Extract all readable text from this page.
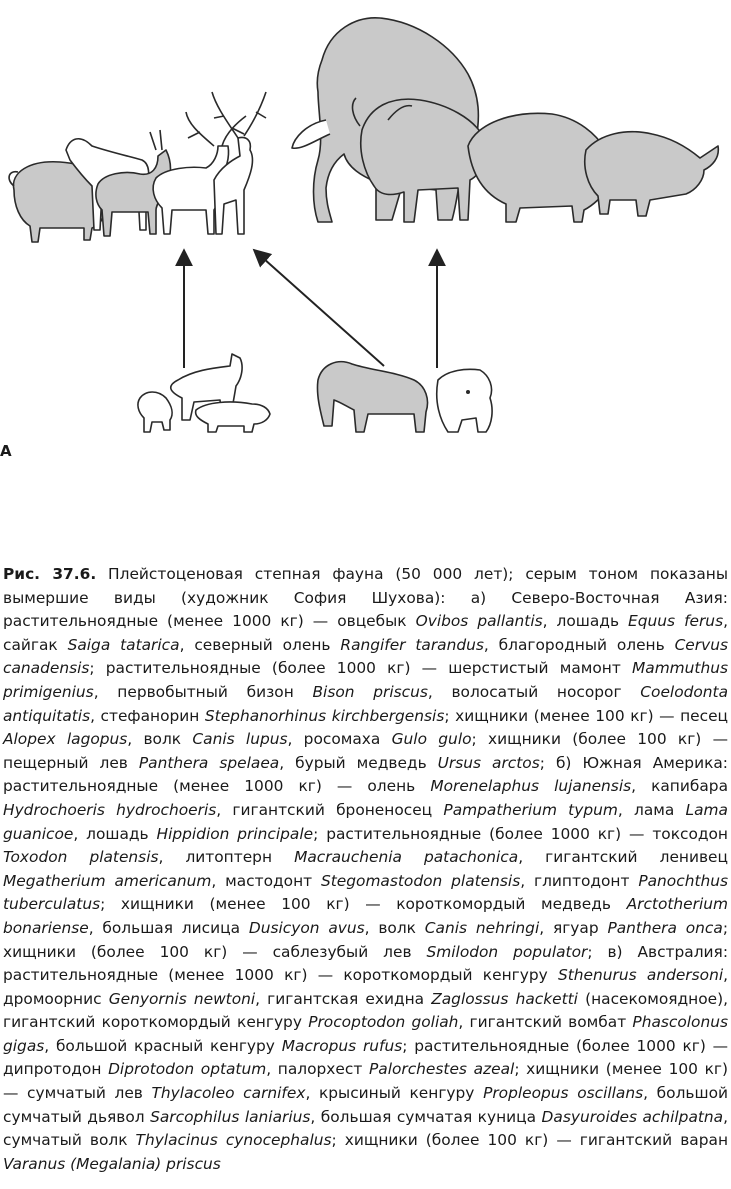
A
Рис. 37.6. Плейстоценовая степная фауна (50 000 лет); серым тоном показаны вымершие виды (художник София Шухова): а) Северо-Восточная Азия: растительноядные (менее 1000 кг) — овцебык Ovibos pallantis, лошадь Equus ferus, сайгак Saiga tatarica, северный олень Rangifer tarandus, благородный олень Cervus canadensis; растительноядные (более 1000 кг) — шерстистый мамонт Mammuthus primigenius, первобытный бизон Bison priscus, волосатый носорог Coelodonta antiquitatis, стефанорин Stephanorhinus kirchbergensis; хищники (менее 100 кг) — песец Alopex lagopus, волк Canis lupus, росомаха Gulo gulo; хищники (более 100 кг) — пещерный лев Panthera spelaea, бурый медведь Ursus arctos; б) Южная Америка: растительноядные (менее 1000 кг) — олень Morenelaphus lujanensis, капибара Hydrochoeris hydrochoeris, гигантский броненосец Pampatherium typum, лама Lama guanicoe, лошадь Hippidion principale; растительноядные (более 1000 кг) — токсодон Toxodon platensis, литоптерн Macrauchenia patachonica, гигантский ленивец Megatherium americanum, мастодонт Stegomastodon platensis, глиптодонт Panochthus tuberculatus; хищники (менее 100 кг) — короткомордый медведь Arctotherium bonariense, большая лисица Dusicyon avus, волк Canis nehringi, ягуар Panthera onca; хищники (более 100 кг) — саблезубый лев Smilodon populator; в) Австралия: растительноядные (менее 1000 кг) — короткомордый кенгуру Sthenurus andersoni, дромоорнис Genyornis newtoni, гигантская ехидна Zaglossus hacketti (насекомоядное), гигантский короткомордый кенгуру Procoptodon goliah, гигантский вомбат Phascolonus gigas, большой красный кенгуру Macropus rufus; растительноядные (более 1000 кг) — дипротодон Diprotodon optatum, палорхест Palorchestes azeal; хищники (менее 100 кг) — сумчатый лев Thylacoleo carnifex, крысиный кенгуру Propleopus oscillans, большой сумчатый дьявол Sarcophilus laniarius, большая сумчатая куница Dasyuroides achilpatna, сумчатый волк Thylacinus cynocephalus; хищники (более 100 кг) — гигантский варан Varanus (Megalania) priscus
